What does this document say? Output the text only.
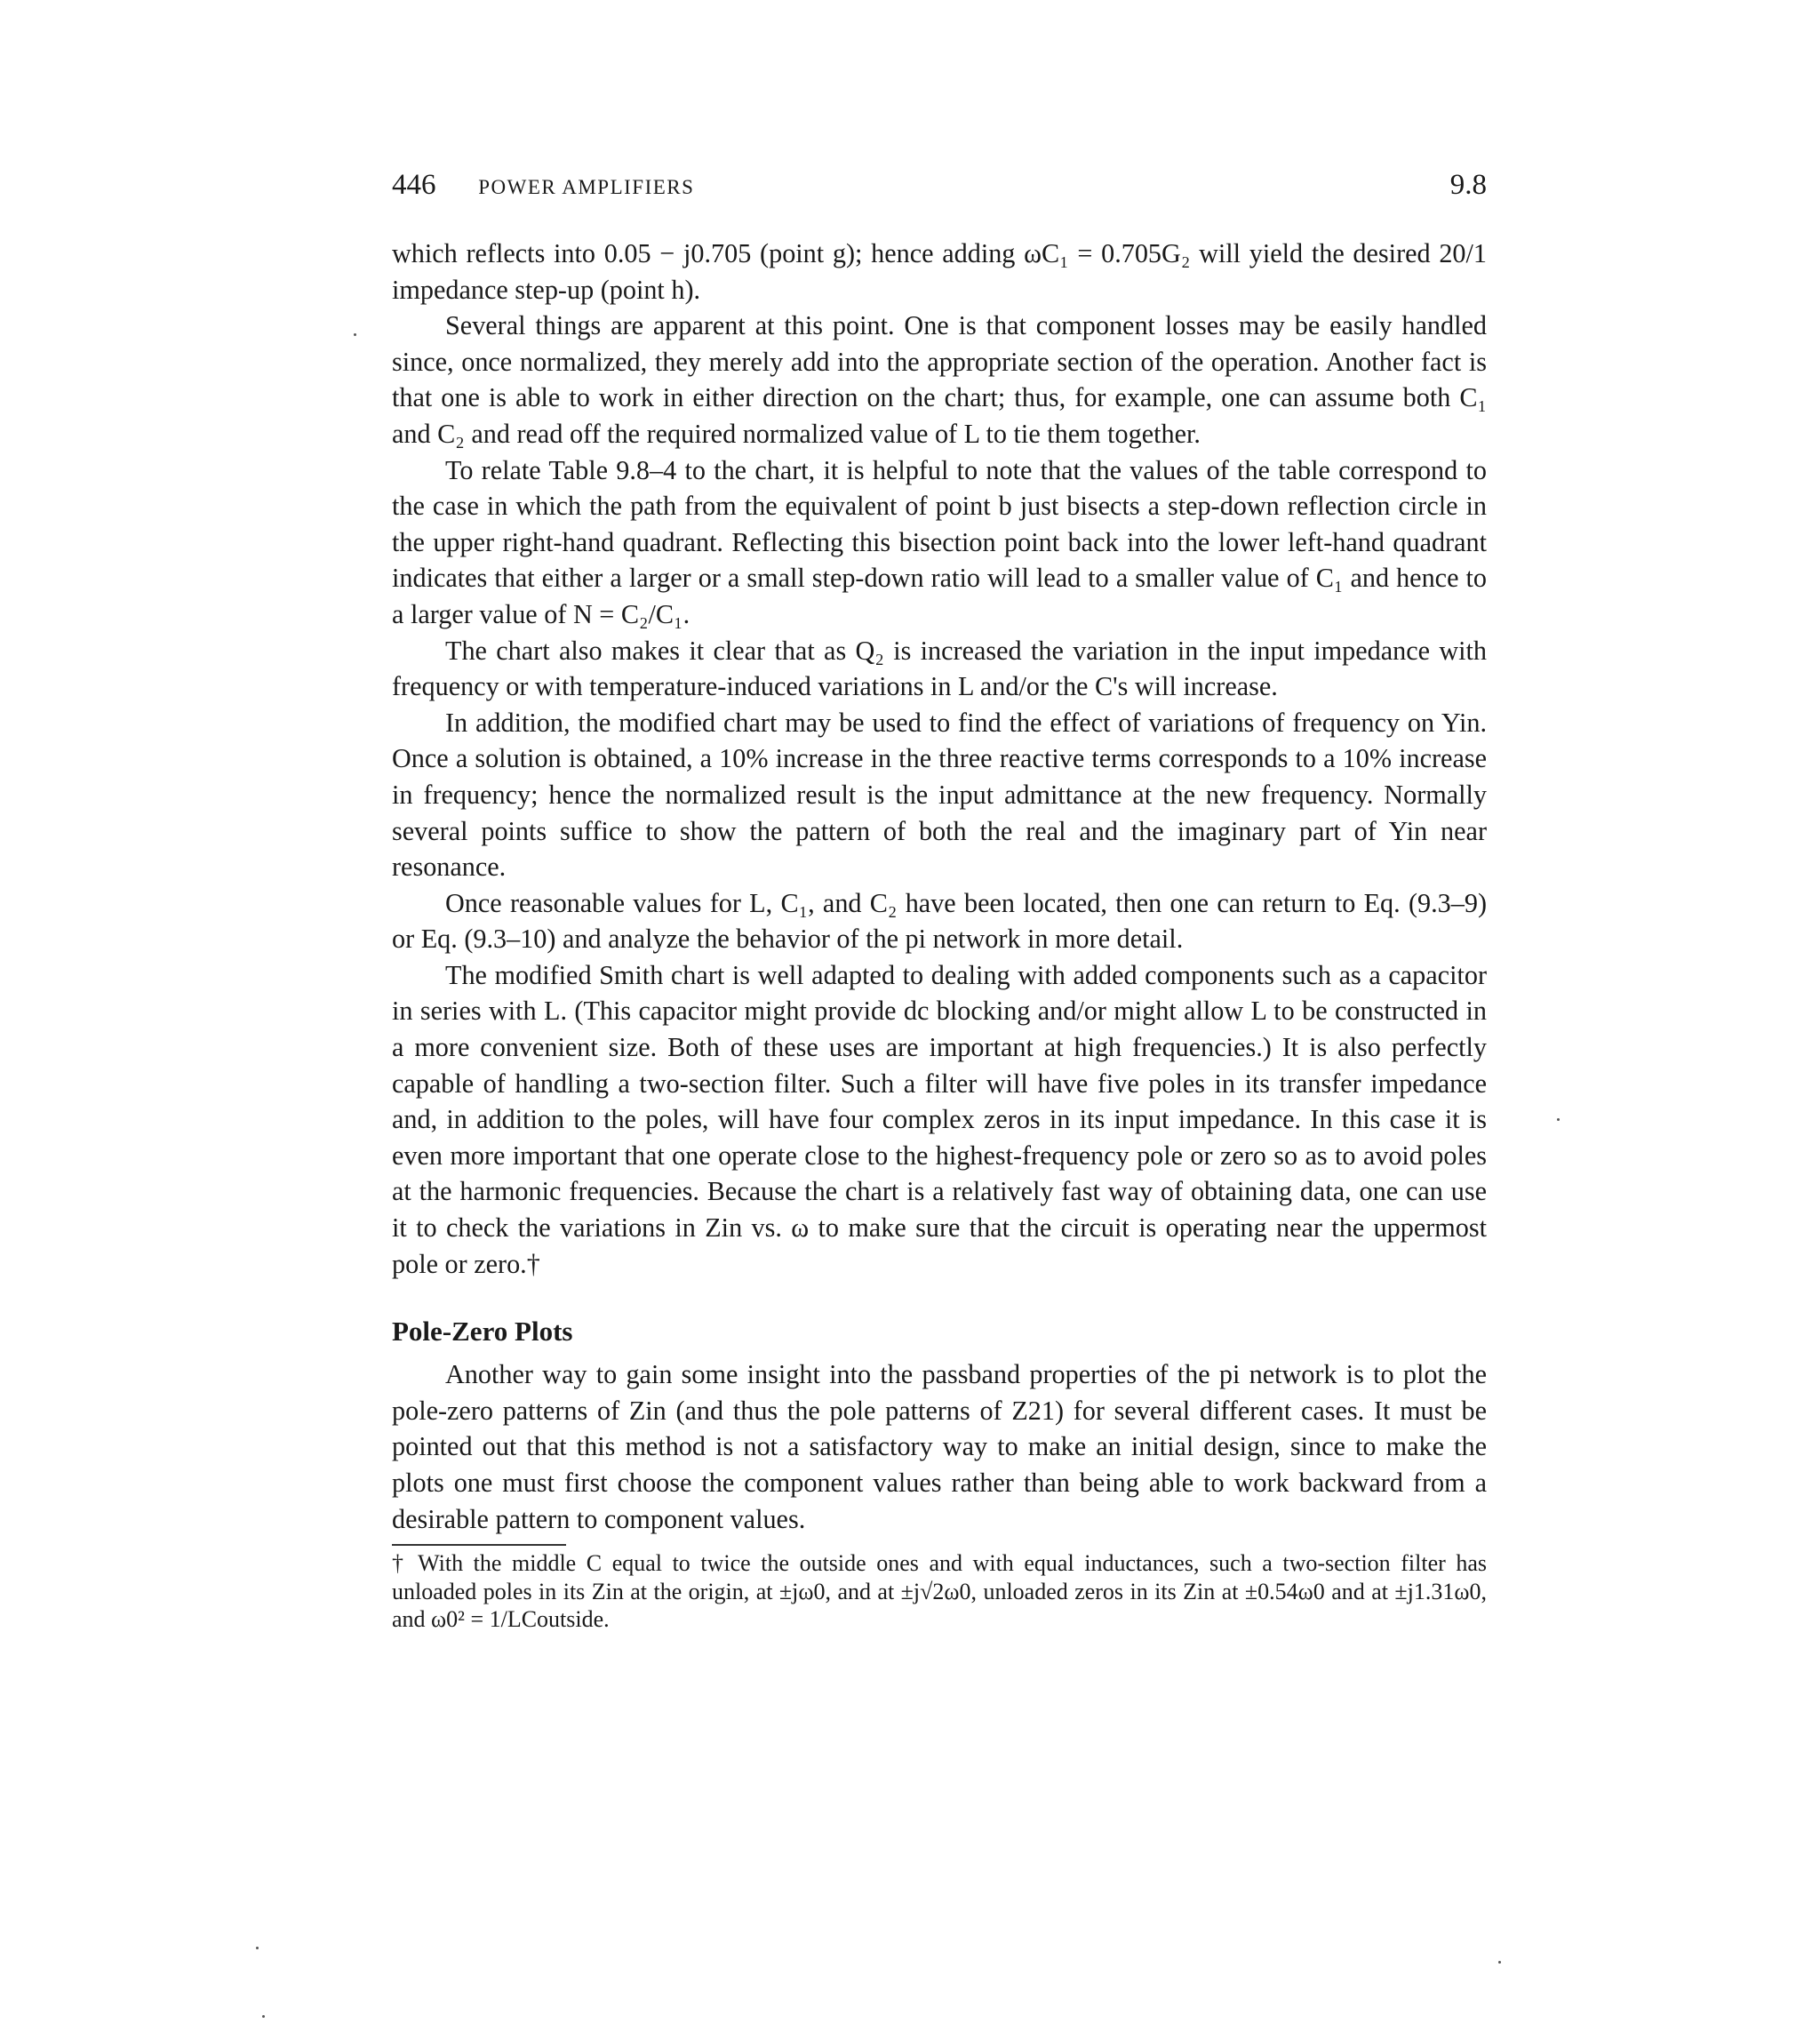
446 POWER AMPLIFIERS	9.8

which reflects into 0.05 − j0.705 (point g); hence adding ωC₁ = 0.705G₂ will yield the desired 20/1 impedance step-up (point h).

Several things are apparent at this point. One is that component losses may be easily handled since, once normalized, they merely add into the appropriate section of the operation. Another fact is that one is able to work in either direction on the chart; thus, for example, one can assume both C₁ and C₂ and read off the required normalized value of L to tie them together.

To relate Table 9.8–4 to the chart, it is helpful to note that the values of the table correspond to the case in which the path from the equivalent of point b just bisects a step-down reflection circle in the upper right-hand quadrant. Reflecting this bisection point back into the lower left-hand quadrant indicates that either a larger or a small step-down ratio will lead to a smaller value of C₁ and hence to a larger value of N = C₂/C₁.

The chart also makes it clear that as Q₂ is increased the variation in the input impedance with frequency or with temperature-induced variations in L and/or the C's will increase.

In addition, the modified chart may be used to find the effect of variations of frequency on Yin. Once a solution is obtained, a 10% increase in the three reactive terms corresponds to a 10% increase in frequency; hence the normalized result is the input admittance at the new frequency. Normally several points suffice to show the pattern of both the real and the imaginary part of Yin near resonance.

Once reasonable values for L, C₁, and C₂ have been located, then one can return to Eq. (9.3–9) or Eq. (9.3–10) and analyze the behavior of the pi network in more detail.

The modified Smith chart is well adapted to dealing with added components such as a capacitor in series with L. (This capacitor might provide dc blocking and/or might allow L to be constructed in a more convenient size. Both of these uses are important at high frequencies.) It is also perfectly capable of handling a two-section filter. Such a filter will have five poles in its transfer impedance and, in addition to the poles, will have four complex zeros in its input impedance. In this case it is even more important that one operate close to the highest-frequency pole or zero so as to avoid poles at the harmonic frequencies. Because the chart is a relatively fast way of obtaining data, one can use it to check the variations in Zin vs. ω to make sure that the circuit is operating near the uppermost pole or zero.†

Pole-Zero Plots

Another way to gain some insight into the passband properties of the pi network is to plot the pole-zero patterns of Zin (and thus the pole patterns of Z21) for several different cases. It must be pointed out that this method is not a satisfactory way to make an initial design, since to make the plots one must first choose the component values rather than being able to work backward from a desirable pattern to component values.

† With the middle C equal to twice the outside ones and with equal inductances, such a two-section filter has unloaded poles in its Zin at the origin, at ±jω0, and at ±j√2ω0, unloaded zeros in its Zin at ±0.54ω0 and at ±j1.31ω0, and ω0² = 1/LCoutside.
